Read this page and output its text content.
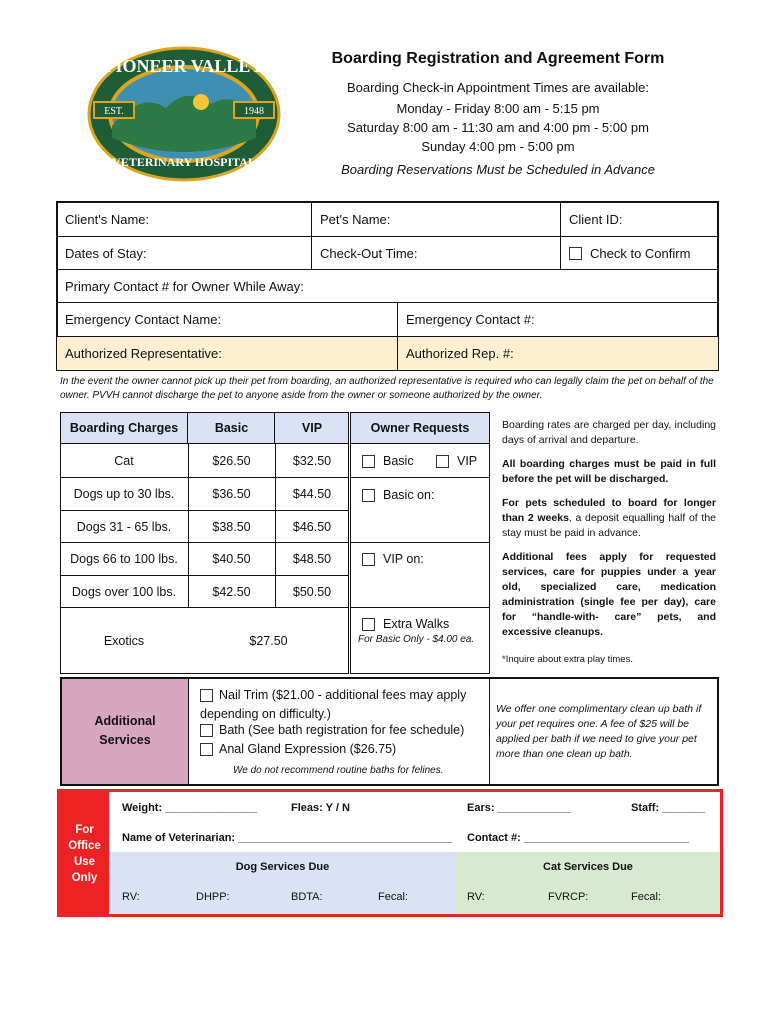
EST.	1948
PIONEER VALLEY
VETERINARY HOSPITAL
Boarding Registration and Agreement Form
Boarding Check-in Appointment Times are available:
Monday - Friday 8:00 am - 5:15 pm
Saturday 8:00 am - 11:30 am and 4:00 pm - 5:00 pm
Sunday 4:00 pm - 5:00 pm
Boarding Reservations Must be Scheduled in Advance
Client's Name:	Pet's Name:	Client ID:
Dates of Stay:	Check-Out Time:	Check to Confirm
Primary Contact # for Owner While Away:
Emergency Contact Name:	Emergency Contact #:
Authorized Representative:	Authorized Rep. #:
In the event the owner cannot pick up their pet from boarding, an authorized representative is required who can legally claim the pet on behalf of the owner. PVVH cannot discharge the pet to anyone aside from the owner or someone authorized by the owner.
Boarding Charges	Basic	VIP	Owner Requests
Cat	$26.50	$32.50
Dogs up to 30 lbs.	$36.50	$44.50
Dogs 31 - 65 lbs.	$38.50	$46.50
Dogs 66 to 100 lbs.	$40.50	$48.50
Dogs over 100 lbs.	$42.50	$50.50
Exotics	$27.50
Basic	VIP
Basic on:
VIP on:
Extra Walks
For Basic Only - $4.00 ea.
Boarding rates are charged per day, including days of arrival and departure.
All boarding charges must be paid in full before the pet will be discharged.
For pets scheduled to board for longer than 2 weeks, a deposit equalling half of the stay must be paid in advance.
Additional fees apply for requested services, care for puppies under a year old, specialized care, medication administration (single fee per day), care for “handle-with- care” pets, and excessive cleanups.
*Inquire about extra play times.
Additional
Services
Nail Trim ($21.00 - additional fees may apply depending on difficulty.)
Bath (See bath registration for fee schedule)
Anal Gland Expression ($26.75)
We do not recommend routine baths for felines.
We offer one complimentary clean up bath if your pet requires one. A fee of $25 will be applied per bath if we need to give your pet more than one clean up bath.
For
Office
Use
Only
Weight: _______________	Fleas: Y / N	Ears: ____________	Staff: _______
Name of Veterinarian: ___________________________________ Contact #: ___________________________
Dog Services Due	Cat Services Due
RV:	DHPP:	BDTA:	Fecal:	RV:	FVRCP:	Fecal:
